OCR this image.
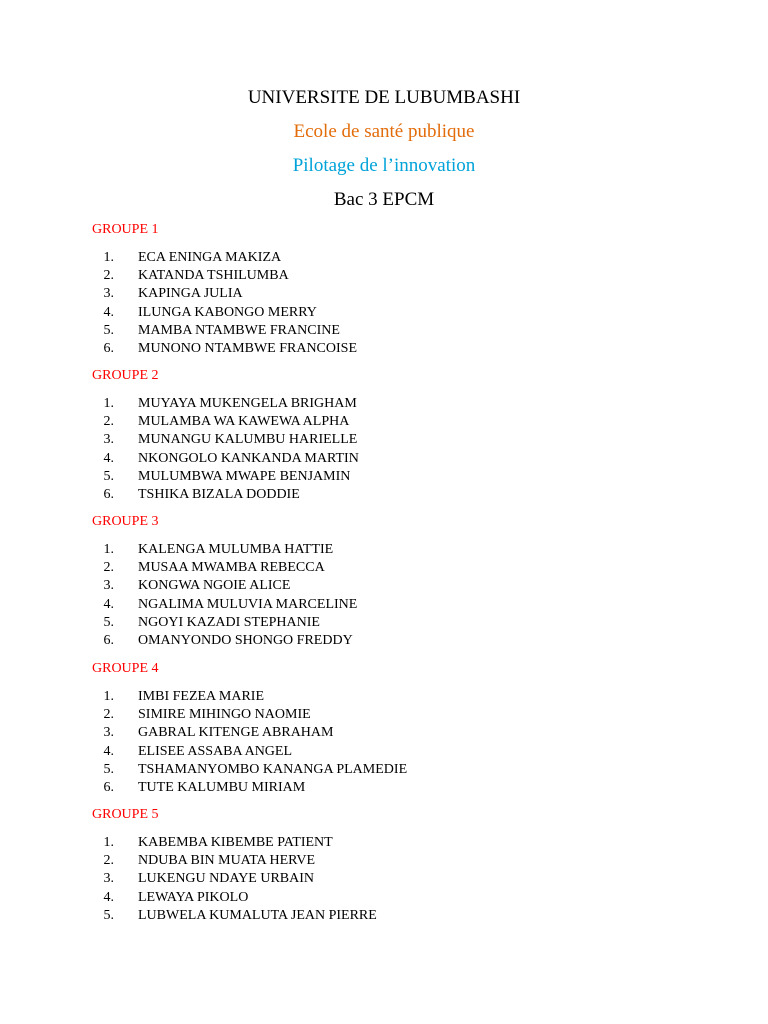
UNIVERSITE DE LUBUMBASHI
Ecole de santé publique
Pilotage de l’innovation
Bac 3 EPCM
GROUPE 1
1. ECA ENINGA MAKIZA
2. KATANDA TSHILUMBA
3. KAPINGA JULIA
4. ILUNGA KABONGO MERRY
5. MAMBA NTAMBWE FRANCINE
6. MUNONO NTAMBWE FRANCOISE
GROUPE 2
1. MUYAYA MUKENGELA BRIGHAM
2. MULAMBA WA KAWEWA ALPHA
3. MUNANGU KALUMBU HARIELLE
4. NKONGOLO KANKANDA MARTIN
5. MULUMBWA MWAPE BENJAMIN
6. TSHIKA BIZALA DODDIE
GROUPE 3
1. KALENGA MULUMBA HATTIE
2. MUSAA MWAMBA REBECCA
3. KONGWA NGOIE ALICE
4. NGALIMA MULUVIA MARCELINE
5. NGOYI KAZADI STEPHANIE
6. OMANYONDO SHONGO FREDDY
GROUPE 4
1. IMBI FEZEA MARIE
2. SIMIRE MIHINGO NAOMIE
3. GABRAL KITENGE ABRAHAM
4. ELISEE ASSABA ANGEL
5. TSHAMANYOMBO KANANGA PLAMEDIE
6. TUTE KALUMBU MIRIAM
GROUPE 5
1. KABEMBA KIBEMBE PATIENT
2. NDUBA BIN MUATA HERVE
3. LUKENGU NDAYE URBAIN
4. LEWAYA PIKOLO
5. LUBWELA KUMALUTA JEAN PIERRE
